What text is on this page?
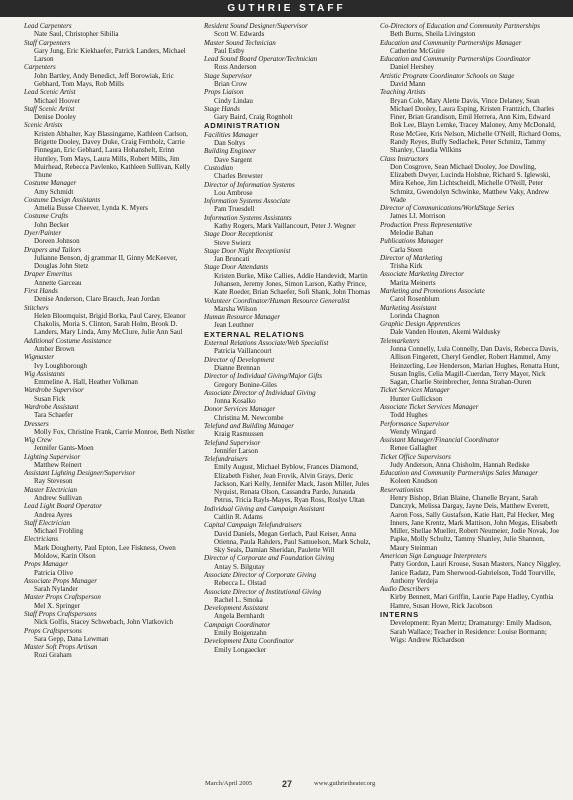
GUTHRIE STAFF
Lead Carpenters
Nate Saul, Christopher Sibilia
Staff Carpenters
Gary Jung, Eric Kiekhaefer, Patrick Landers, Michael Larson
Carpenters
John Bartley, Andy Benedict, Jeff Borowiak, Eric Gebhard, Tom Mays, Rob Mills
Lead Scenic Artist
Michael Hoover
Staff Scenic Artist
Denise Dooley
Scenic Artists
Kristen Abhalter, Kay Blassingame, Kathleen Carlson, Brigette Dooley, Davey Duke, Craig Fernholz, Carrie Finnegan, Eric Gebhard, Laura Hohanshelt, Erinn Huntley, Tom Mays, Laura Mills, Robert Mills, Jim Muirhead, Rebecca Pavlenko, Kathleen Sullivan, Kelly Thune
Costume Manager
Amy Schmidt
Costume Design Assistants
Amelia Busse Cheever, Lynda K. Myers
Costume Crafts
John Becker
Dyer/Painter
Doreen Johnson
Drapers and Tailors
Julianne Benson, dj grammar II, Ginny McKeever, Douglas John Stetz
Draper Emeritus
Annette Garceau
First Hands
Denise Anderson, Clare Brauch, Jean Jordan
Stitchers
Helen Bloomquist, Brigid Borka, Paul Carey, Eleanor Chakolis, Moria S. Clinton, Sarah Holm, Brook D. Landers, Mary Linda, Amy McClure, Julie Ann Saul
Additional Costume Assistance
Amber Brown
Wigmaster
Ivy Loughborough
Wig Assistants
Emmeline A. Hall, Heather Volkman
Wardrobe Supervisor
Susan Fick
Wardrobe Assistant
Tara Schaefer
Dressers
Molly Fox, Christine Frank, Carrie Monroe, Beth Nistler
Wig Crew
Jennifer Gants-Moen
Lighting Supervisor
Matthew Reinert
Assistant Lighting Designer/Supervisor
Ray Steveson
Master Electrician
Andrew Sullivan
Lead Light Board Operator
Andrea Ayres
Staff Electrician
Michael Frohling
Electricians
Mark Dougherty, Paul Epton, Lee Fiskness, Owen Moldow, Karin Olson
Props Manager
Patricia Olive
Associate Props Manager
Sarah Nylander
Master Props Craftsperson
Mel X. Springer
Staff Props Craftspersons
Nick Golfis, Stacey Schwebach, John Vlatkovich
Props Craftspersons
Sara Gepp, Dana Lewman
Master Soft Props Artisan
Rozi Graham
Resident Sound Designer/Supervisor
Scott W. Edwards
Master Sound Technician
Paul Estby
Lead Sound Board Operator/Technician
Ross Anderson
Stage Supervisor
Brian Crow
Props Liaison
Cindy Lindau
Stage Hands
Gary Baird, Craig Rognholt
ADMINISTRATION
Facilities Manager
Dan Soltys
Building Engineer
Dave Sargent
Custodian
Charles Brewster
Director of Information Systems
Lou Ambrose
Information Systems Associate
Pam Truesdell
Information Systems Assistants
Kathy Rogers, Mark Vaillancourt, Peter J. Wegner
Stage Door Receptionist
Steve Swierz
Stage Door Night Receptionist
Jan Bruncati
Stage Door Attendants
Kristen Burke, Mike Callies, Addie Handevidt, Martin Johansen, Jeremy Jones, Simon Larson, Kathy Prince, Kate Roeder, Brian Schaefer, Sofi Shank, John Thomas
Volunteer Coordinator/Human Resource Generalist
Marsha Wilson
Human Resource Manager
Jean Leuthner
EXTERNAL RELATIONS
External Relations Associate/Web Specialist
Patricia Vaillancourt
Director of Development
Dianne Brennan
Director of Individual Giving/Major Gifts
Gregory Bonine-Giles
Associate Director of Individual Giving
Jonna Kosalko
Donor Services Manager
Christina M. Newcombe
Telefund and Building Manager
Kraig Rasmussen
Telefund Supervisor
Jennifer Larson
Telefundraisers
Emily August, Michael Byblow, Frances Diamond, Elizabeth Fisher, Jean Frovik, Alvin Grays, Deric Jackson, Kari Kelly, Jennifer Mack, Jason Miller, Jules Nyquist, Renata Olson, Cassandra Pardo, Junauda Petrus, Tricia Rayls-Mayes, Ryan Ross, Roslye Ultan
Individual Giving and Campaign Assistant
Caitlin R. Adams
Capital Campaign Telefundraisers
David Daniels, Megan Gerlach, Paul Keiser, Anna Otienna, Paula Rahders, Paul Samuelson, Mark Schulz, Sky Seals, Damian Sheridan, Paulette Will
Director of Corporate and Foundation Giving
Antay S. Bilgutay
Associate Director of Corporate Giving
Rebecca L. Olstad
Associate Director of Institutional Giving
Rachel L. Smoka
Development Assistant
Angela Bernhardt
Campaign Coordinator
Emily Boigenzahn
Development Data Coordinator
Emily Longaecker
Co-Directors of Education and Community Partnerships
Beth Burns, Sheila Livingston
Education and Community Partnerships Manager
Catherine McGuire
Education and Community Partnerships Coordinator
Daniel Hershey
Artistic Program Coordinator Schools on Stage
David Mann
Teaching Artists
Bryan Cole, Mary Alette Davis, Vince Delaney, Sean Michael Dooley, Laura Esping, Kristen Frantzich, Charles Finer, Brian Grandison, Emil Herrera, Ann Kim, Edward Bok Lee, Blayn Lemke, Tracey Maloney, Amy McDonald, Rose McGee, Kris Nelson, Michelle O'Neill, Richard Ooms, Randy Reyes, Buffy Sedlachek, Peter Schmitz, Tammy Shanley, Claudia Wilkins
Class Instructors
Don Cosgrove, Sean Michael Dooley, Joe Dowling, Elizabeth Dwyer, Lucinda Holshue, Richard S. Iglewski, Mira Kehoe, Jim Lichtscheidl, Michelle O'Neill, Peter Schmitz, Gwendolyn Schwinke, Matthew Vaky, Andrew Wade
Director of Communications/WorldStage Series
James LI. Morrison
Production Press Representative
Melodie Bahan
Publications Manager
Carla Steen
Director of Marketing
Trisha Kirk
Associate Marketing Director
Marita Meinerts
Marketing and Promotions Associate
Carol Rosenblum
Marketing Assistant
Lorinda Chagnon
Graphic Design Apprentices
Dale Vanden Houten, Akemi Waldusky
Telemarketers
Jonna Connelly, Lula Connelly, Dan Davis, Rebecca Davis, Allison Fingerett, Cheryl Gendler, Robert Hammel, Amy Heinzerling, Lee Henderson, Marian Hughes, Renatta Hunt, Susan Inglis, Celia Magill-Cuerdan, Terry Mayer, Nick Sagan, Charlie Steinbrecher, Jenna Strahan-Ouren
Ticket Services Manager
Hunter Gullickson
Associate Ticket Services Manager
Todd Hughes
Performance Supervisor
Wendy Wingard
Assistant Manager/Financial Coordinator
Renee Gallagher
Ticket Office Supervisors
Judy Anderson, Anna Chisholm, Hannah Rediske
Education and Community Partnerships Sales Manager
Koleen Knudson
Reservationists
Henry Bishop, Brian Blaine, Chanelle Bryant, Sarah Danczyk, Melissa Dargay, Jayne Deis, Matthew Everett, Aaron Foss, Sally Gustafson, Katie Hatt, Pal Hecker, Meg Inners, Jane Krentz, Mark Mattison, John Megas, Elisabeth Miller, Shellae Mueller, Robert Neumeier, Jodie Novak, Joe Papke, Molly Schultz, Tammy Shanley, Julie Shannon, Maury Steinman
American Sign Language Interpreters
Patty Gordon, Lauri Krouse, Susan Masters, Nancy Niggley, Janice Radatz, Pam Sherwood-Gabrielson, Todd Tourville, Anthony Verdeja
Audio Describers
Kirby Bennett, Mari Griffin, Laurie Pape Hadley, Cynthia Hamre, Susan Howe, Rick Jacobson
INTERNS
Development: Ryan Mertz; Dramaturgy: Emily Madison, Sarah Wallace; Teacher in Residence: Louise Bormann; Wigs: Andrew Richardson
March/April 2005	27	www.guthrietheater.org
